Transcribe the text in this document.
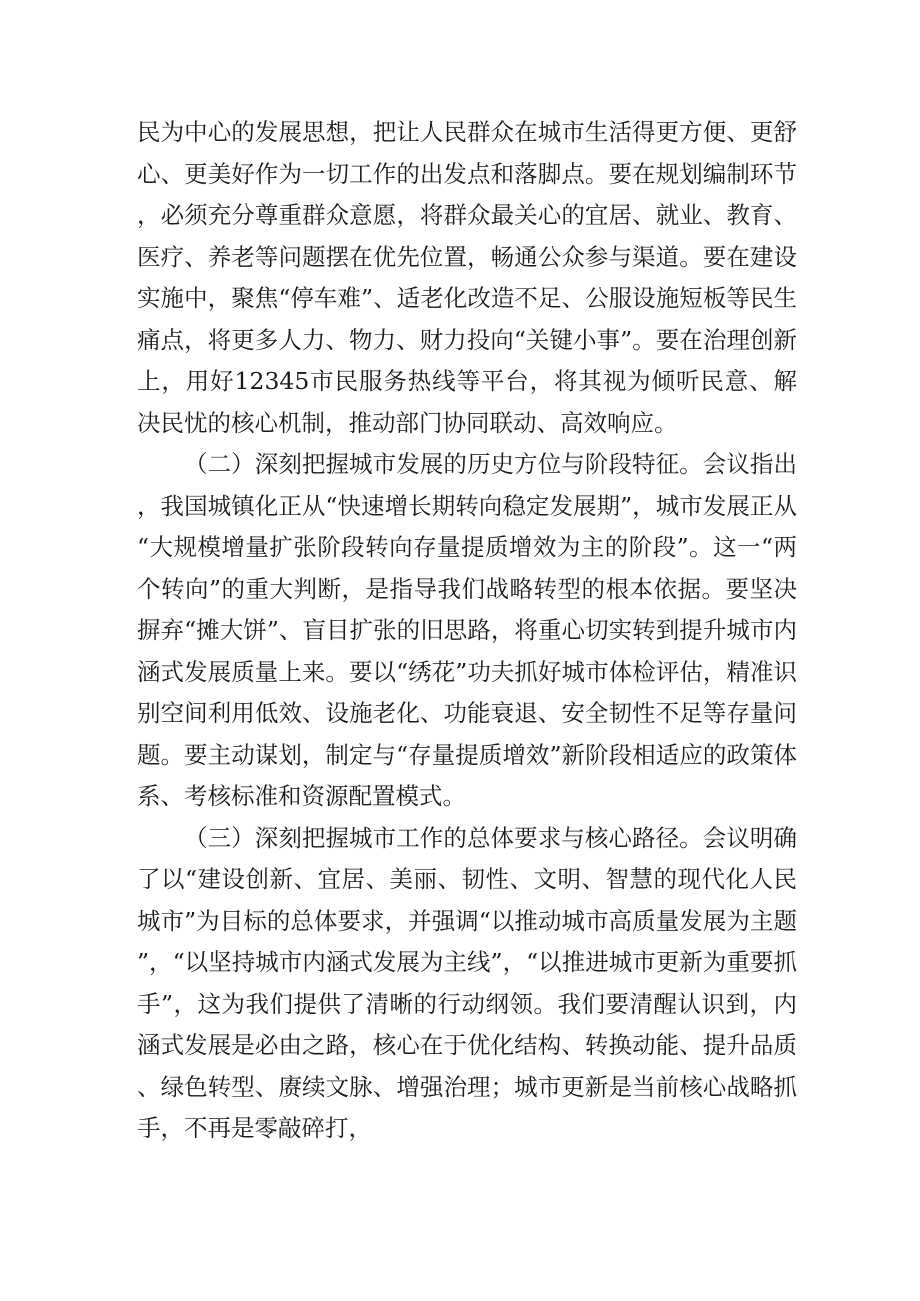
民为中心的发展思想，把让人民群众在城市生活得更方便、更舒心、更美好作为一切工作的出发点和落脚点。要在规划编制环节，必须充分尊重群众意愿，将群众最关心的宜居、就业、教育、医疗、养老等问题摆在优先位置，畅通公众参与渠道。要在建设实施中，聚焦“停车难”、适老化改造不足、公服设施短板等民生痛点，将更多人力、物力、财力投向“关键小事”。要在治理创新上，用好12345市民服务热线等平台，将其视为倾听民意、解决民忧的核心机制，推动部门协同联动、高效响应。

（二）深刻把握城市发展的历史方位与阶段特征。会议指出，我国城镇化正从“快速增长期转向稳定发展期”，城市发展正从“大规模增量扩张阶段转向存量提质增效为主的阶段”。这一“两个转向”的重大判断，是指导我们战略转型的根本依据。要坚决摒弃“摊大饼”、盲目扩张的旧思路，将重心切实转到提升城市内涵式发展质量上来。要以“绣花”功夫抓好城市体检评估，精准识别空间利用低效、设施老化、功能衰退、安全韧性不足等存量问题。要主动谋划，制定与“存量提质增效”新阶段相适应的政策体系、考核标准和资源配置模式。

（三）深刻把握城市工作的总体要求与核心路径。会议明确了以“建设创新、宜居、美丽、韧性、文明、智慧的现代化人民城市”为目标的总体要求，并强调“以推动城市高质量发展为主题”，“以坚持城市内涵式发展为主线”，“以推进城市更新为重要抓手”，这为我们提供了清晰的行动纲领。我们要清醒认识到，内涵式发展是必由之路，核心在于优化结构、转换动能、提升品质、绿色转型、赓续文脉、增强治理；城市更新是当前核心战略抓手，不再是零敲碎打，
